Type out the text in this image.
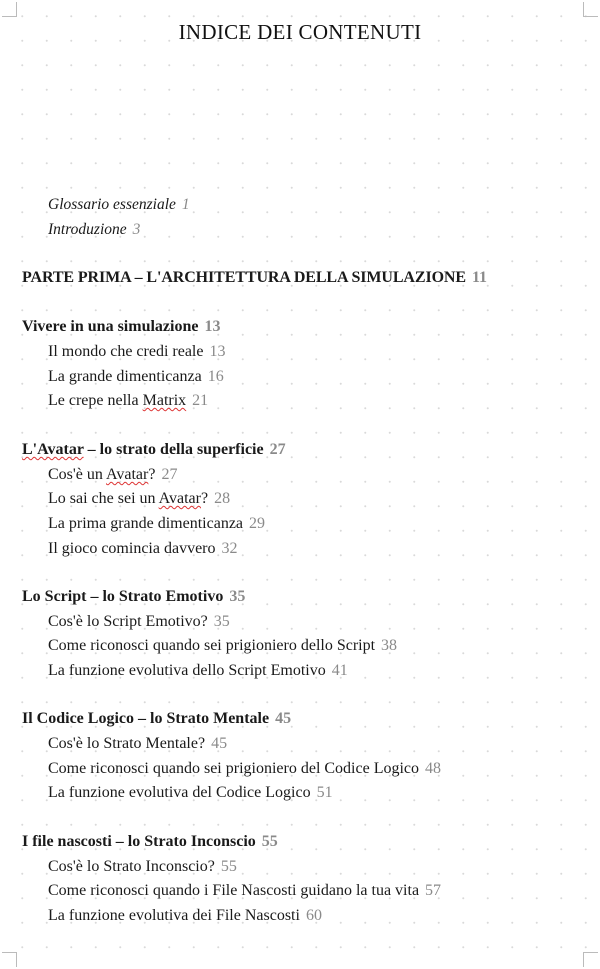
INDICE DEI CONTENUTI
Glossario essenziale 1
Introduzione 3
PARTE PRIMA – L'ARCHITETTURA DELLA SIMULAZIONE 11
Vivere in una simulazione 13
Il mondo che credi reale 13
La grande dimenticanza 16
Le crepe nella Matrix 21
L'Avatar – lo strato della superficie 27
Cos'è un Avatar? 27
Lo sai che sei un Avatar? 28
La prima grande dimenticanza 29
Il gioco comincia davvero 32
Lo Script – lo Strato Emotivo 35
Cos'è lo Script Emotivo? 35
Come riconosci quando sei prigioniero dello Script 38
La funzione evolutiva dello Script Emotivo 41
Il Codice Logico – lo Strato Mentale 45
Cos'è lo Strato Mentale? 45
Come riconosci quando sei prigioniero del Codice Logico 48
La funzione evolutiva del Codice Logico 51
I file nascosti – lo Strato Inconscio 55
Cos'è lo Strato Inconscio? 55
Come riconosci quando i File Nascosti guidano la tua vita 57
La funzione evolutiva dei File Nascosti 60
